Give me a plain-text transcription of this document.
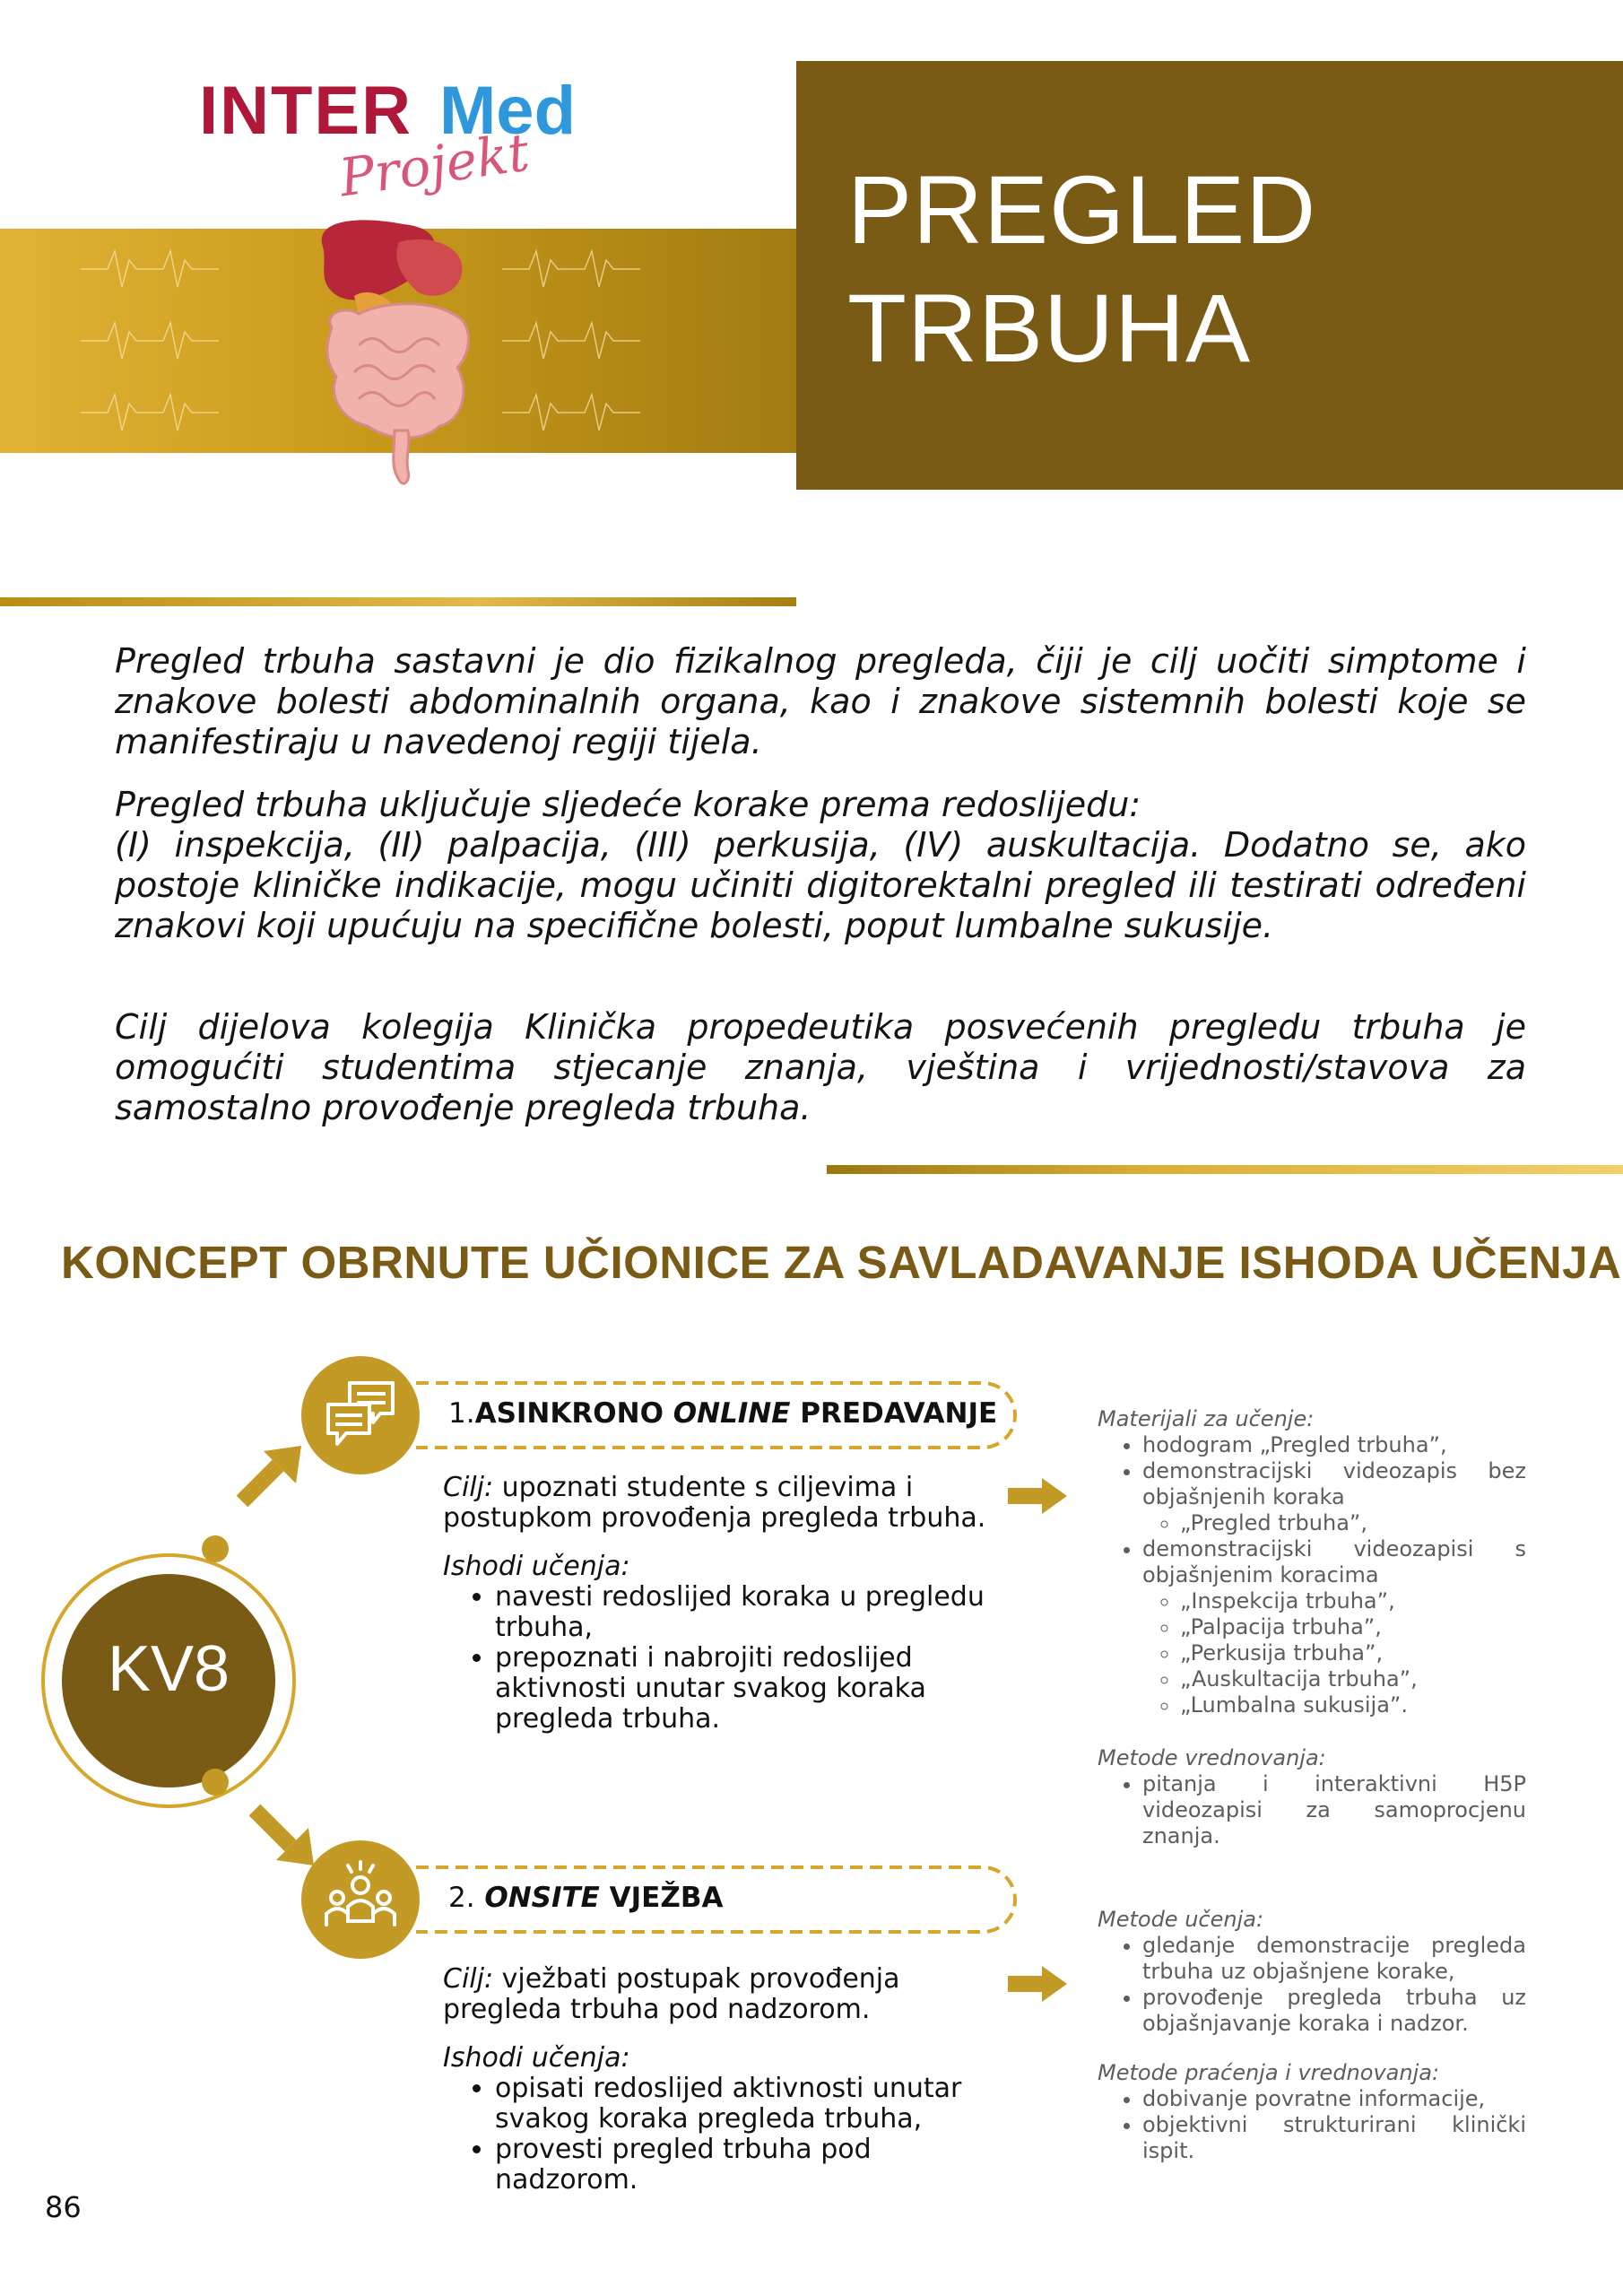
INTER Med
Projekt	PREGLED
TRBUHA

Pregled trbuha sastavni je dio fizikalnog pregleda, čiji je cilj uočiti simptome i znakove bolesti abdominalnih organa, kao i znakove sistemnih bolesti koje se manifestiraju u navedenoj regiji tijela.

Pregled trbuha uključuje sljedeće korake prema redoslijedu:
(I) inspekcija, (II) palpacija, (III) perkusija, (IV) auskultacija. Dodatno se, ako postoje kliničke indikacije, mogu učiniti digitorektalni pregled ili testirati određeni znakovi koji upućuju na specifične bolesti, poput lumbalne sukusije.

Cilj dijelova kolegija Klinička propedeutika posvećenih pregledu trbuha je omogućiti studentima stjecanje znanja, vještina i vrijednosti/stavova za samostalno provođenje pregleda trbuha.

KONCEPT OBRNUTE UČIONICE ZA SAVLADAVANJE ISHODA UČENJA
KV8
1.ASINKRONO ONLINE PREDAVANJE
Cilj: upoznati studente s ciljevima i postupkom provođenja pregleda trbuha.
Ishodi učenja:
• navesti redoslijed koraka u pregledu trbuha,
• prepoznati i nabrojiti redoslijed aktivnosti unutar svakog koraka pregleda trbuha.
Materijali za učenje:
• hodogram „Pregled trbuha”,
• demonstracijski videozapis bez objašnjenih koraka
◦ „Pregled trbuha”,
• demonstracijski videozapisi s objašnjenim koracima
◦ „Inspekcija trbuha”,
◦ „Palpacija trbuha”,
◦ „Perkusija trbuha”,
◦ „Auskultacija trbuha”,
◦ „Lumbalna sukusija”.
Metode vrednovanja:
• pitanja i interaktivni H5P videozapisi za samoprocjenu znanja.
2. ONSITE VJEŽBA
Cilj: vježbati postupak provođenja pregleda trbuha pod nadzorom.
Ishodi učenja:
• opisati redoslijed aktivnosti unutar svakog koraka pregleda trbuha,
• provesti pregled trbuha pod nadzorom.
Metode učenja:
• gledanje demonstracije pregleda trbuha uz objašnjene korake,
• provođenje pregleda trbuha uz objašnjavanje koraka i nadzor.
Metode praćenja i vrednovanja:
• dobivanje povratne informacije,
• objektivni strukturirani klinički ispit.
86
